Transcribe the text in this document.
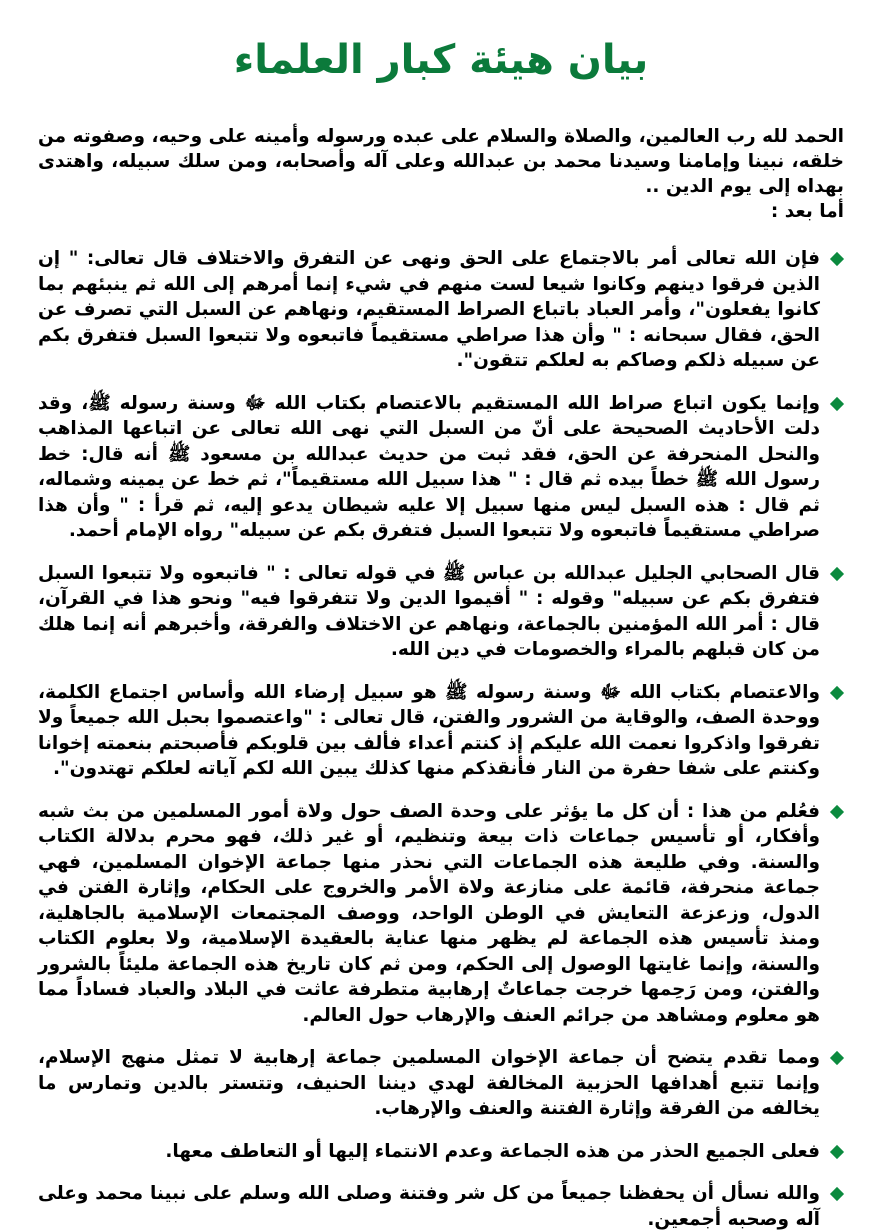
بيان هيئة كبار العلماء

الحمد لله رب العالمين، والصلاة والسلام على عبده ورسوله وأمينه على وحيه، وصفوته من خلقه، نبينا وإمامنا وسيدنا محمد بن عبدالله وعلى آله وأصحابه، ومن سلك سبيله، واهتدى بهداه إلى يوم الدين ..

أما بعد :

فإن الله تعالى أمر بالاجتماع على الحق ونهى عن التفرق والاختلاف قال تعالى: " إن الذين فرقوا دينهم وكانوا شيعا لست منهم في شيء إنما أمرهم إلى الله ثم ينبئهم بما كانوا يفعلون"، وأمر العباد باتباع الصراط المستقيم، ونهاهم عن السبل التي تصرف عن الحق، فقال سبحانه : " وأن هذا صراطي مستقيماً فاتبعوه ولا تتبعوا السبل فتفرق بكم عن سبيله ذلكم وصاكم به لعلكم تتقون".
وإنما يكون اتباع صراط الله المستقيم بالاعتصام بكتاب الله ﷻ وسنة رسوله ﷺ، وقد دلت الأحاديث الصحيحة على أنّ من السبل التي نهى الله تعالى عن اتباعها المذاهب والنحل المنحرفة عن الحق، فقد ثبت من حديث عبدالله بن مسعود ﷺ أنه قال: خط رسول الله ﷺ خطاً بيده ثم قال : " هذا سبيل الله مستقيماً"، ثم خط عن يمينه وشماله، ثم قال : هذه السبل ليس منها سبيل إلا عليه شيطان يدعو إليه، ثم قرأ : " وأن هذا صراطي مستقيماً فاتبعوه ولا تتبعوا السبل فتفرق بكم عن سبيله" رواه الإمام أحمد.
قال الصحابي الجليل عبدالله بن عباس ﷺ في قوله تعالى : " فاتبعوه ولا تتبعوا السبل فتفرق بكم عن سبيله" وقوله : " أقيموا الدين ولا تتفرقوا فيه" ونحو هذا في القرآن، قال : أمر الله المؤمنين بالجماعة، ونهاهم عن الاختلاف والفرقة، وأخبرهم أنه إنما هلك من كان قبلهم بالمراء والخصومات في دين الله.
والاعتصام بكتاب الله ﷻ وسنة رسوله ﷺ هو سبيل إرضاء الله وأساس اجتماع الكلمة، ووحدة الصف، والوقاية من الشرور والفتن، قال تعالى : "واعتصموا بحبل الله جميعاً ولا تفرقوا واذكروا نعمت الله عليكم إذ كنتم أعداء فألف بين قلوبكم فأصبحتم بنعمته إخوانا وكنتم على شفا حفرة من النار فأنقذكم منها كذلك يبين الله لكم آياته لعلكم تهتدون".
فعُلم من هذا : أن كل ما يؤثر على وحدة الصف حول ولاة أمور المسلمين من بث شبه وأفكار، أو تأسيس جماعات ذات بيعة وتنظيم، أو غير ذلك، فهو محرم بدلالة الكتاب والسنة. وفي طليعة هذه الجماعات التي نحذر منها جماعة الإخوان المسلمين، فهي جماعة منحرفة، قائمة على منازعة ولاة الأمر والخروج على الحكام، وإثارة الفتن في الدول، وزعزعة التعايش في الوطن الواحد، ووصف المجتمعات الإسلامية بالجاهلية، ومنذ تأسيس هذه الجماعة لم يظهر منها عناية بالعقيدة الإسلامية، ولا بعلوم الكتاب والسنة، وإنما غايتها الوصول إلى الحكم، ومن ثم كان تاريخ هذه الجماعة مليئاً بالشرور والفتن، ومن رَحِمها خرجت جماعاتٌ إرهابية متطرفة عاثت في البلاد والعباد فساداً مما هو معلوم ومشاهد من جرائم العنف والإرهاب حول العالم.
ومما تقدم يتضح أن جماعة الإخوان المسلمين جماعة إرهابية لا تمثل منهج الإسلام، وإنما تتبع أهدافها الحزبية المخالفة لهدي ديننا الحنيف، وتتستر بالدين وتمارس ما يخالفه من الفرقة وإثارة الفتنة والعنف والإرهاب.
فعلى الجميع الحذر من هذه الجماعة وعدم الانتماء إليها أو التعاطف معها.
والله نسأل أن يحفظنا جميعاً من كل شر وفتنة وصلى الله وسلم على نبينا محمد وعلى آله وصحبه أجمعين.
